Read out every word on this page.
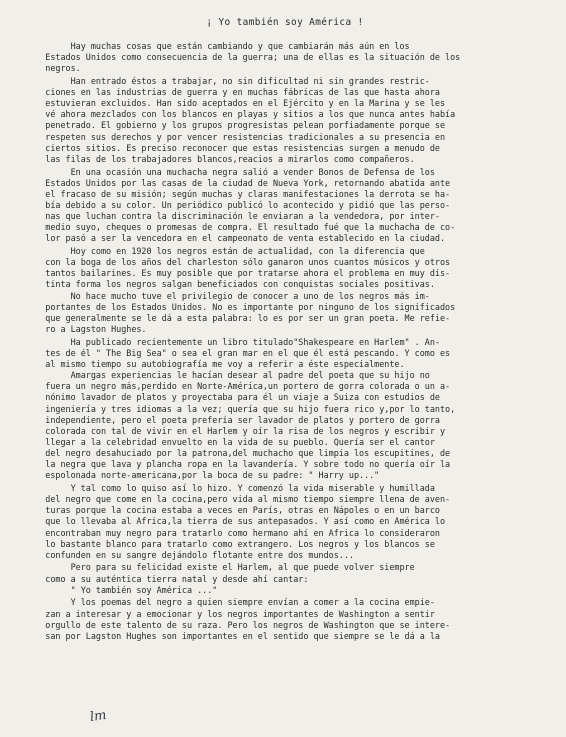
¡ Yo también soy América !
Hay muchas cosas que están cambiando y que cambiarán más aún en los
Estados Unidos como consecuencia de la guerra; una de ellas es la situación de los
negros.
Han entrado éstos a trabajar, no sin dificultad ni sin grandes restric-
ciones en las industrias de guerra y en muchas fábricas de las que hasta ahora
estuvieran excluidos. Han sido aceptados en el Ejército y en la Marina y se les
vé ahora mezclados con los blancos en playas y sitios a los que nunca antes había
penetrado. El gobierno y los grupos progresistas pelean porfiadamente porque se
respeten sus derechos y por vencer resistencias tradicionales a su presencia en
ciertos sitios. Es preciso reconocer que estas resistencias surgen a menudo de
las filas de los trabajadores blancos,reacios a mirarlos como compañeros.
En una ocasión una muchacha negra salió a vender Bonos de Defensa de los
Estados Unidos por las casas de la ciudad de Nueva York, retornando abatida ante
el fracaso de su misión; según muchas y claras manifestaciones la derrota se ha-
bía debido a su color. Un periódico publicó lo acontecido y pidió que las perso-
nas que luchan contra la discriminación le enviaran a la vendedora, por inter-
medio suyo, cheques o promesas de compra. El resultado fué que la muchacha de co-
lor pasó a ser la vencedora en el campeonato de venta establecido en la ciudad.
Hoy como en 1920 los negros están de actualidad, con la diferencia que
con la boga de los años del charleston sólo ganaron unos cuantos músicos y otros
tantos bailarines. Es muy posible que por tratarse ahora el problema en muy dis-
tinta forma los negros salgan beneficiados con conquistas sociales positivas.
No hace mucho tuve el privilegio de conocer a uno de los negros más im-
portantes de los Estados Unidos. No es importante por ninguno de los significados
que generalmente se le dá a esta palabra: lo es por ser un gran poeta. Me refie-
ro a Lagston Hughes.
Ha publicado recientemente un libro titulado"Shakespeare en Harlem" . An-
tes de él " The Big Sea" o sea el gran mar en el que él está pescando. Y como es
al mismo tiempo su autobiografía me voy a referir a éste especialmente.
Amargas experiencias le hacían desear al padre del poeta que su hijo no
fuera un negro más,perdido en Norte-América,un portero de gorra colorada o un a-
nónimo lavador de platos y proyectaba para él un viaje a Suiza con estudios de
ingeniería y tres idiomas a la vez; quería que su hijo fuera rico y,por lo tanto,
independiente, pero el poeta prefería ser lavador de platos y portero de gorra
colorada con tal de vivir en el Harlem y oír la risa de los negros y escribir y
llegar a la celebridad envuelto en la vida de su pueblo. Quería ser el cantor
del negro desahuciado por la patrona,del muchacho que limpia los escupitines, de
la negra que lava y plancha ropa en la lavandería. Y sobre todo no quería oír la
espolonada norte-americana,por la boca de su padre: " Harry up..."
Y tal como lo quiso así lo hizo. Y comenzó la vida miserable y humillada
del negro que come en la cocina,pero vida al mismo tiempo siempre llena de aven-
turas porque la cocina estaba a veces en París, otras en Nápoles o en un barco
que lo llevaba al Africa,la tierra de sus antepasados. Y así como en América lo
encontraban muy negro para tratarlo como hermano ahí en Africa lo consideraron
lo bastante blanco para tratarlo como extrangero. Los negros y los blancos se
confunden en su sangre dejándolo flotante entre dos mundos...
Pero para su felicidad existe el Harlem, al que puede volver siempre
como a su auténtica tierra natal y desde ahí cantar:
" Yo también soy América ..."
Y los poemas del negro a quien siempre envían a comer a la cocina empie-
zan a interesar y a emocionar y los negros importantes de Washington a sentir
orgullo de este talento de su raza. Pero los negros de Washington que se intere-
san por Lagston Hughes son importantes en el sentido que siempre se le dá a la
lm
